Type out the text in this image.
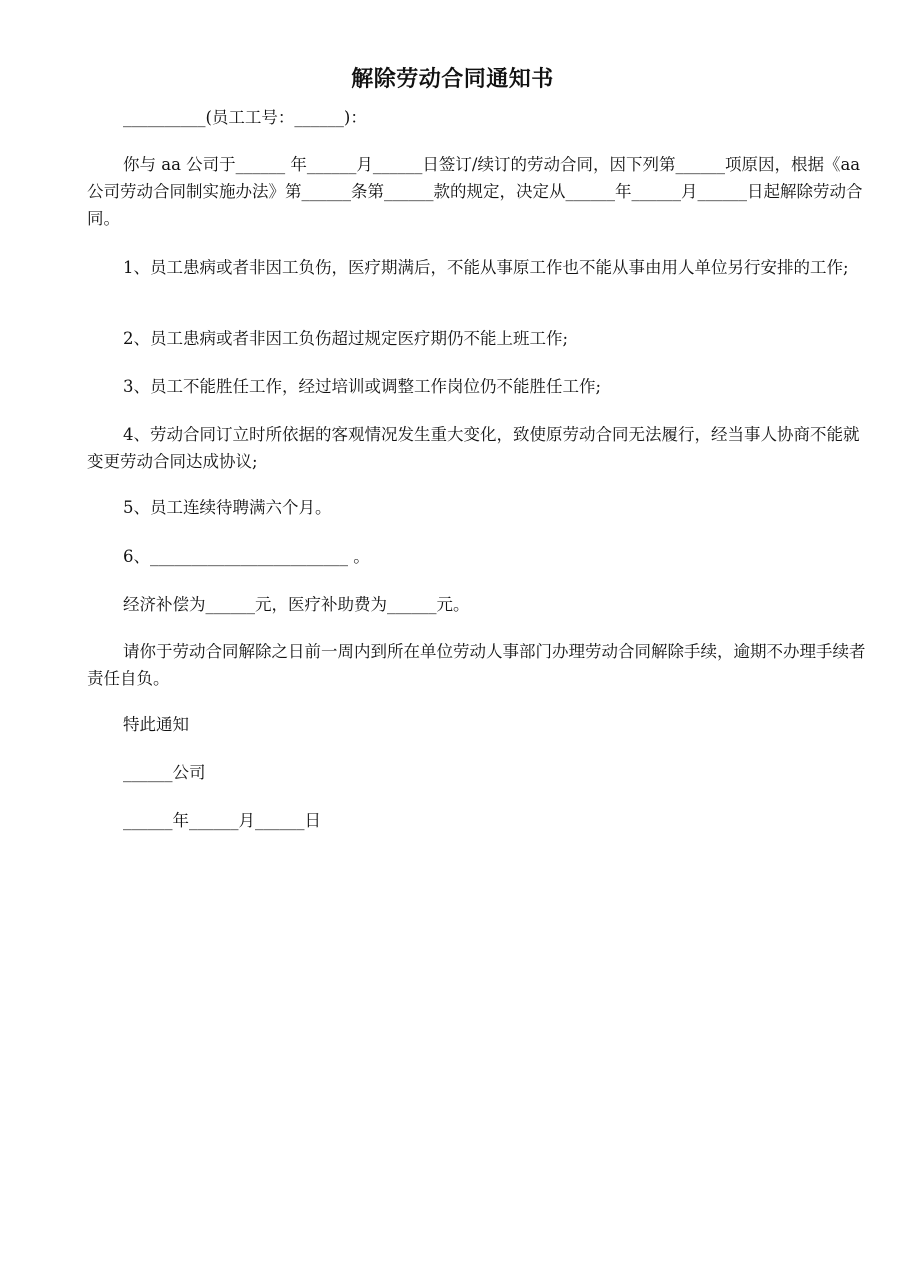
解除劳动合同通知书
__________(员工工号：______)：
你与 aa 公司于______ 年______月______日签订/续订的劳动合同，因下列第______项原因，根据《aa 公司劳动合同制实施办法》第______条第______款的规定，决定从______年______月______日起解除劳动合同。
1、员工患病或者非因工负伤，医疗期满后，不能从事原工作也不能从事由用人单位另行安排的工作;
2、员工患病或者非因工负伤超过规定医疗期仍不能上班工作;
3、员工不能胜任工作，经过培训或调整工作岗位仍不能胜任工作;
4、劳动合同订立时所依据的客观情况发生重大变化，致使原劳动合同无法履行，经当事人协商不能就变更劳动合同达成协议;
5、员工连续待聘满六个月。
6、________________________ 。
经济补偿为______元，医疗补助费为______元。
请你于劳动合同解除之日前一周内到所在单位劳动人事部门办理劳动合同解除手续，逾期不办理手续者责任自负。
特此通知
______公司
______年______月______日
